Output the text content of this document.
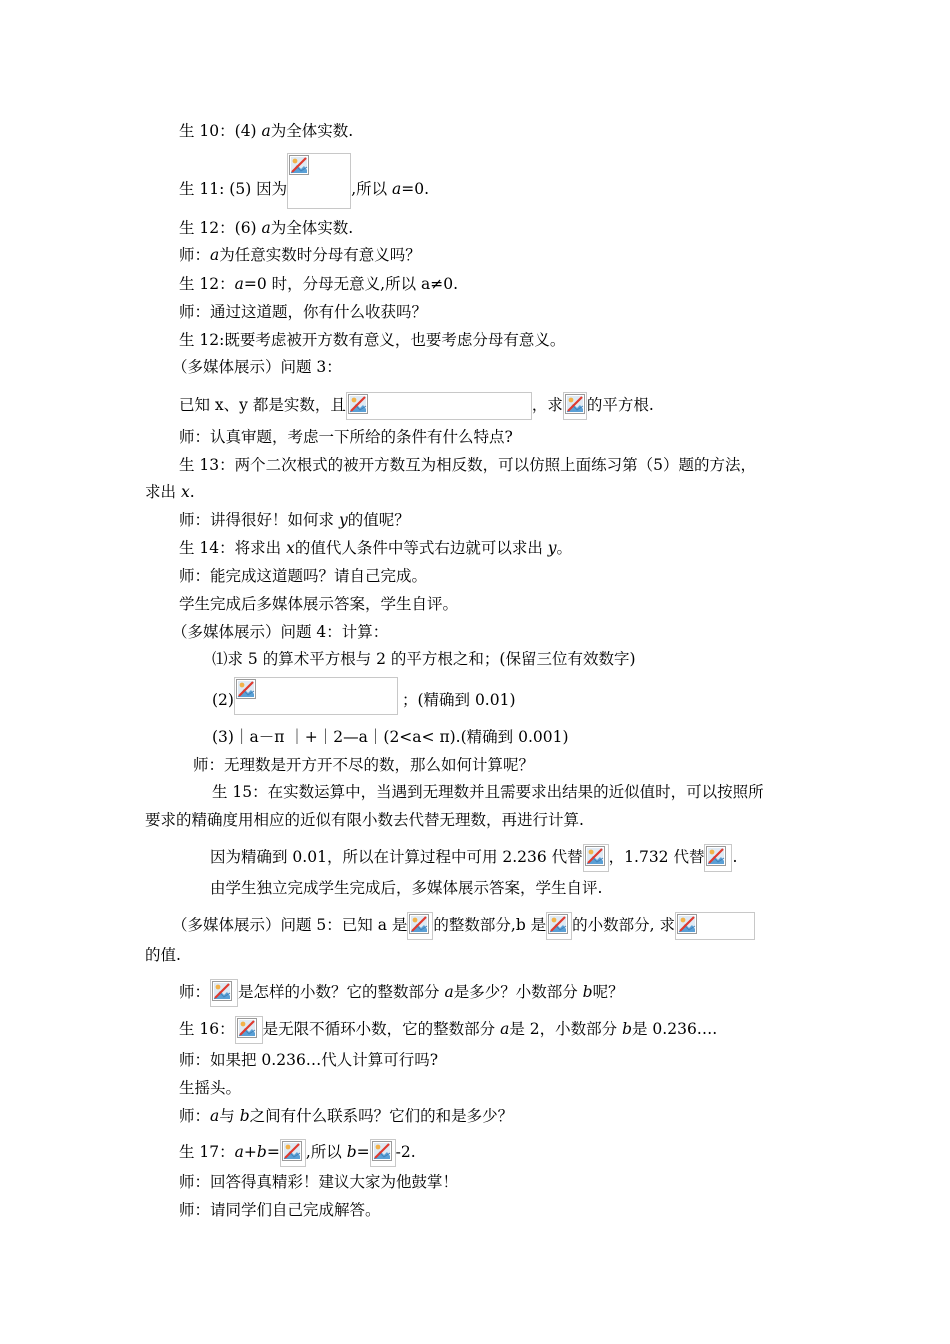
生 10：(4) a为全体实数.
生 11: (5) 因为	,所以 a=0.
生 12：(6) a为全体实数.
师：a为任意实数时分母有意义吗？
生 12：a=0 时，分母无意义,所以 a≠0.
师：通过这道题，你有什么收获吗？
生 12:既要考虑被开方数有意义，也要考虑分母有意义。
（多媒体展示）问题 3：
已知 x、y 都是实数，且	，求 的平方根.
师：认真审题，考虑一下所给的条件有什么特点?
生 13：两个二次根式的被开方数互为相反数，可以仿照上面练习第（5）题的方法，
求出 x.
师：讲得很好！如何求 y的值呢？
生 14：将求出 x的值代人条件中等式右边就可以求出 y。
师：能完成这道题吗？请自己完成。
学生完成后多媒体展示答案，学生自评。
（多媒体展示）问题 4：计算：
⑴求 5 的算术平方根与 2 的平方根之和；(保留三位有效数字)
(2)	；(精确到 0.01)
(3)｜a－π ｜+｜2—a｜(2<a< π).(精确到 0.001)
师：无理数是开方开不尽的数，那么如何计算呢？
生 15：在实数运算中，当遇到无理数并且需要求出结果的近似值时，可以按照所
要求的精确度用相应的近似有限小数去代替无理数，再进行计算.
因为精确到 0.01，所以在计算过程中可用 2.236 代替 ，1.732 代替 .
由学生独立完成学生完成后，多媒体展示答案，学生自评.
（多媒体展示）问题 5：已知 a 是 的整数部分,b 是 的小数部分, 求
的值.
师： 是怎样的小数？它的整数部分 a是多少？小数部分 b呢？
生 16： 是无限不循环小数，它的整数部分 a是 2，小数部分 b是 0.236….
师：如果把 0.236…代人计算可行吗?
生摇头。
师：a与 b之间有什么联系吗？它们的和是多少？
生 17：a+b= ,所以 b= -2.
师：回答得真精彩！建议大家为他鼓掌！
师：请同学们自己完成解答。
